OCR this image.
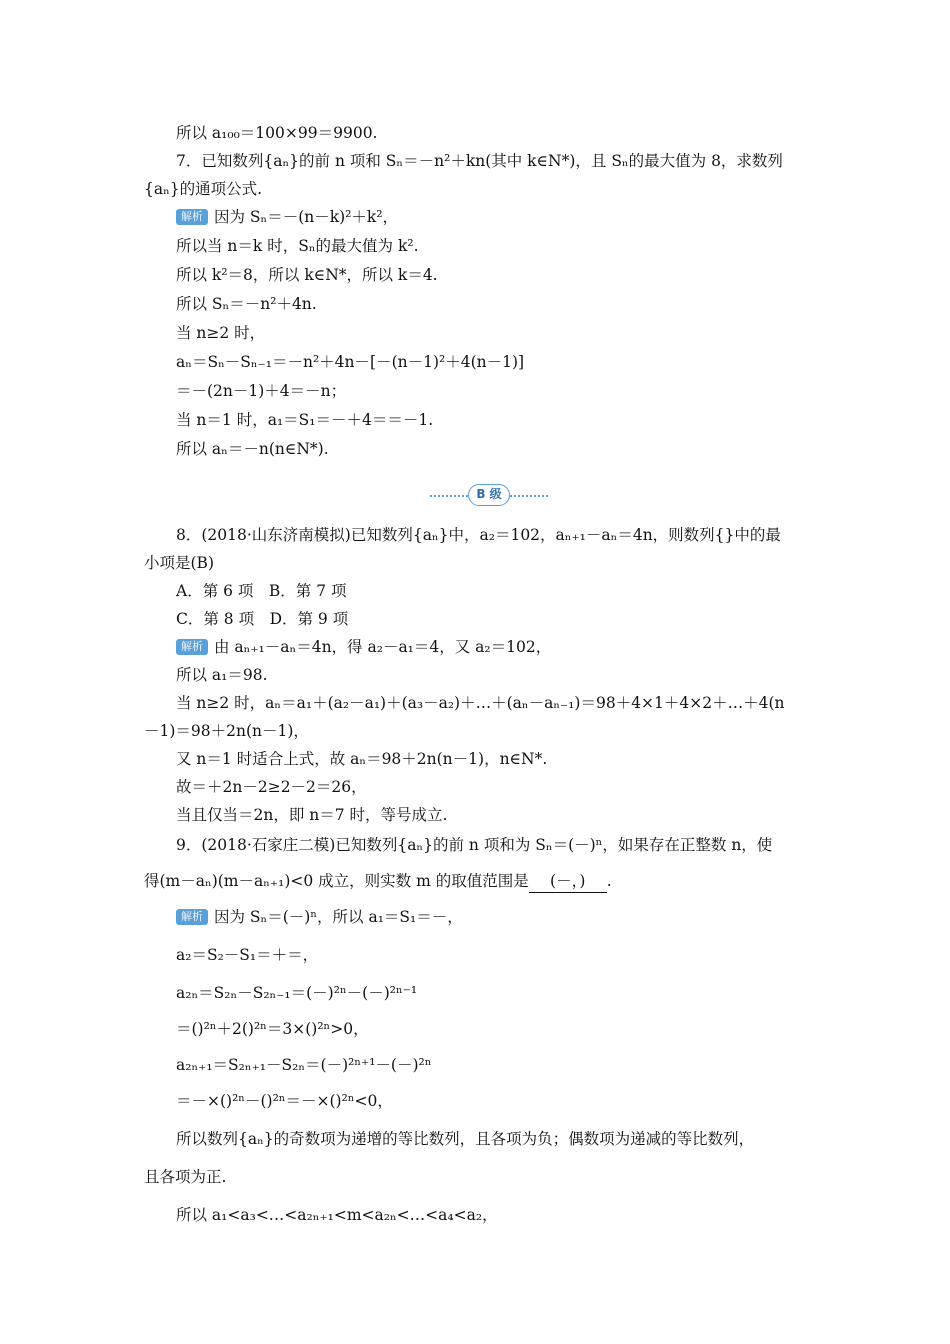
所以 a₁₀₀＝100×99＝9900.
7．已知数列{aₙ}的前 n 项和 Sₙ＝－n²＋kn(其中 k∈N*)，且 Sₙ的最大值为 8，求数列
{aₙ}的通项公式.
解析 因为 Sₙ＝－(n－k)²＋k²，
所以当 n＝k 时，Sₙ的最大值为 k².
所以 k²＝8，所以 k∈N*，所以 k＝4.
所以 Sₙ＝－n²＋4n.
当 n≥2 时，
aₙ＝Sₙ－Sₙ₋₁＝－n²＋4n－[－(n－1)²＋4(n－1)]
＝－(2n－1)＋4＝－n；
当 n＝1 时，a₁＝S₁＝－＋4＝＝－1.
所以 aₙ＝－n(n∈N*).
8．(2018·山东济南模拟)已知数列{aₙ}中，a₂＝102，aₙ₊₁－aₙ＝4n，则数列{}中的最
小项是(B)
A．第 6 项　B．第 7 项
C．第 8 项　D．第 9 项
解析 由 aₙ₊₁－aₙ＝4n，得 a₂－a₁＝4，又 a₂＝102，
所以 a₁＝98.
当 n≥2 时，aₙ＝a₁＋(a₂－a₁)＋(a₃－a₂)＋…＋(aₙ－aₙ₋₁)＝98＋4×1＋4×2＋…＋4(n
－1)＝98＋2n(n－1)，
又 n＝1 时适合上式，故 aₙ＝98＋2n(n－1)，n∈N*.
故＝＋2n－2≥2－2＝26，
当且仅当＝2n，即 n＝7 时，等号成立.
9．(2018·石家庄二模)已知数列{aₙ}的前 n 项和为 Sₙ＝(－)ⁿ，如果存在正整数 n，使
得(m－aₙ)(m－aₙ₊₁)<0 成立，则实数 m 的取值范围是 (－，) .
解析 因为 Sₙ＝(－)ⁿ，所以 a₁＝S₁＝－，
a₂＝S₂－S₁＝＋＝，
a₂ₙ＝S₂ₙ－S₂ₙ₋₁＝(－)²ⁿ－(－)²ⁿ⁻¹
＝()²ⁿ＋2()²ⁿ＝3×()²ⁿ>0，
a₂ₙ₊₁＝S₂ₙ₊₁－S₂ₙ＝(－)²ⁿ⁺¹－(－)²ⁿ
＝－×()²ⁿ－()²ⁿ＝－×()²ⁿ<0，
所以数列{aₙ}的奇数项为递增的等比数列，且各项为负；偶数项为递减的等比数列，
且各项为正.
所以 a₁<a₃<…<a₂ₙ₊₁<m<a₂ₙ<…<a₄<a₂，
B 级
